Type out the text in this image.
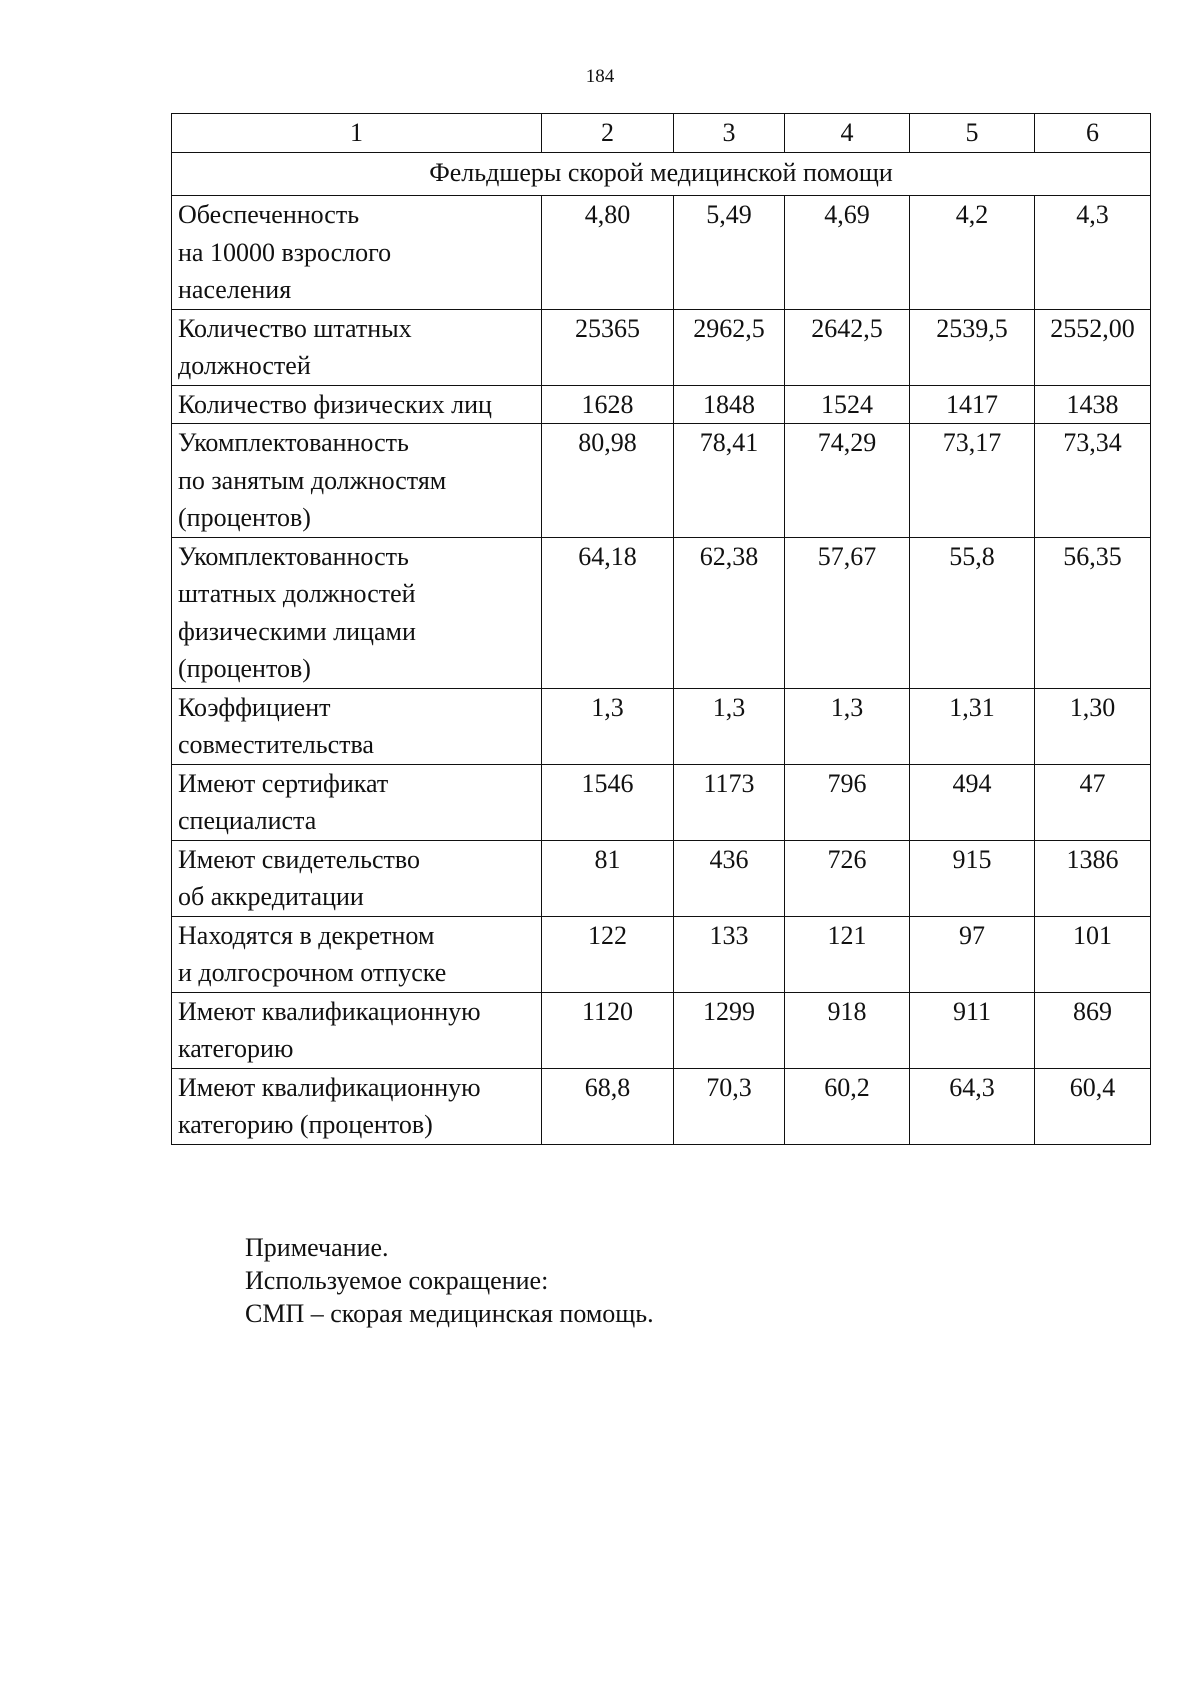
184
1	2	3	4	5	6
Фельдшеры скорой медицинской помощи					

Обеспеченность
на 10000 взрослого
населения	4,80	5,49	4,69	4,2	4,3

Количество штатных
должностей	25365	2962,5	2642,5	2539,5	2552,00

Количество физических лиц	1628	1848	1524	1417	1438

Укомплектованность
по занятым должностям
(процентов)	80,98	78,41	74,29	73,17	73,34

Укомплектованность
штатных должностей
физическими лицами
(процентов)	64,18	62,38	57,67	55,8	56,35

Коэффициент
совместительства	1,3	1,3	1,3	1,31	1,30

Имеют сертификат
специалиста	1546	1173	796	494	47

Имеют свидетельство
об аккредитации	81	436	726	915	1386

Находятся в декретном
и долгосрочном отпуске	122	133	121	97	101

Имеют квалификационную
категорию	1120	1299	918	911	869

Имеют квалификационную
категорию (процентов)	68,8	70,3	60,2	64,3	60,4
Примечание.
Используемое сокращение:
СМП – скорая медицинская помощь.
